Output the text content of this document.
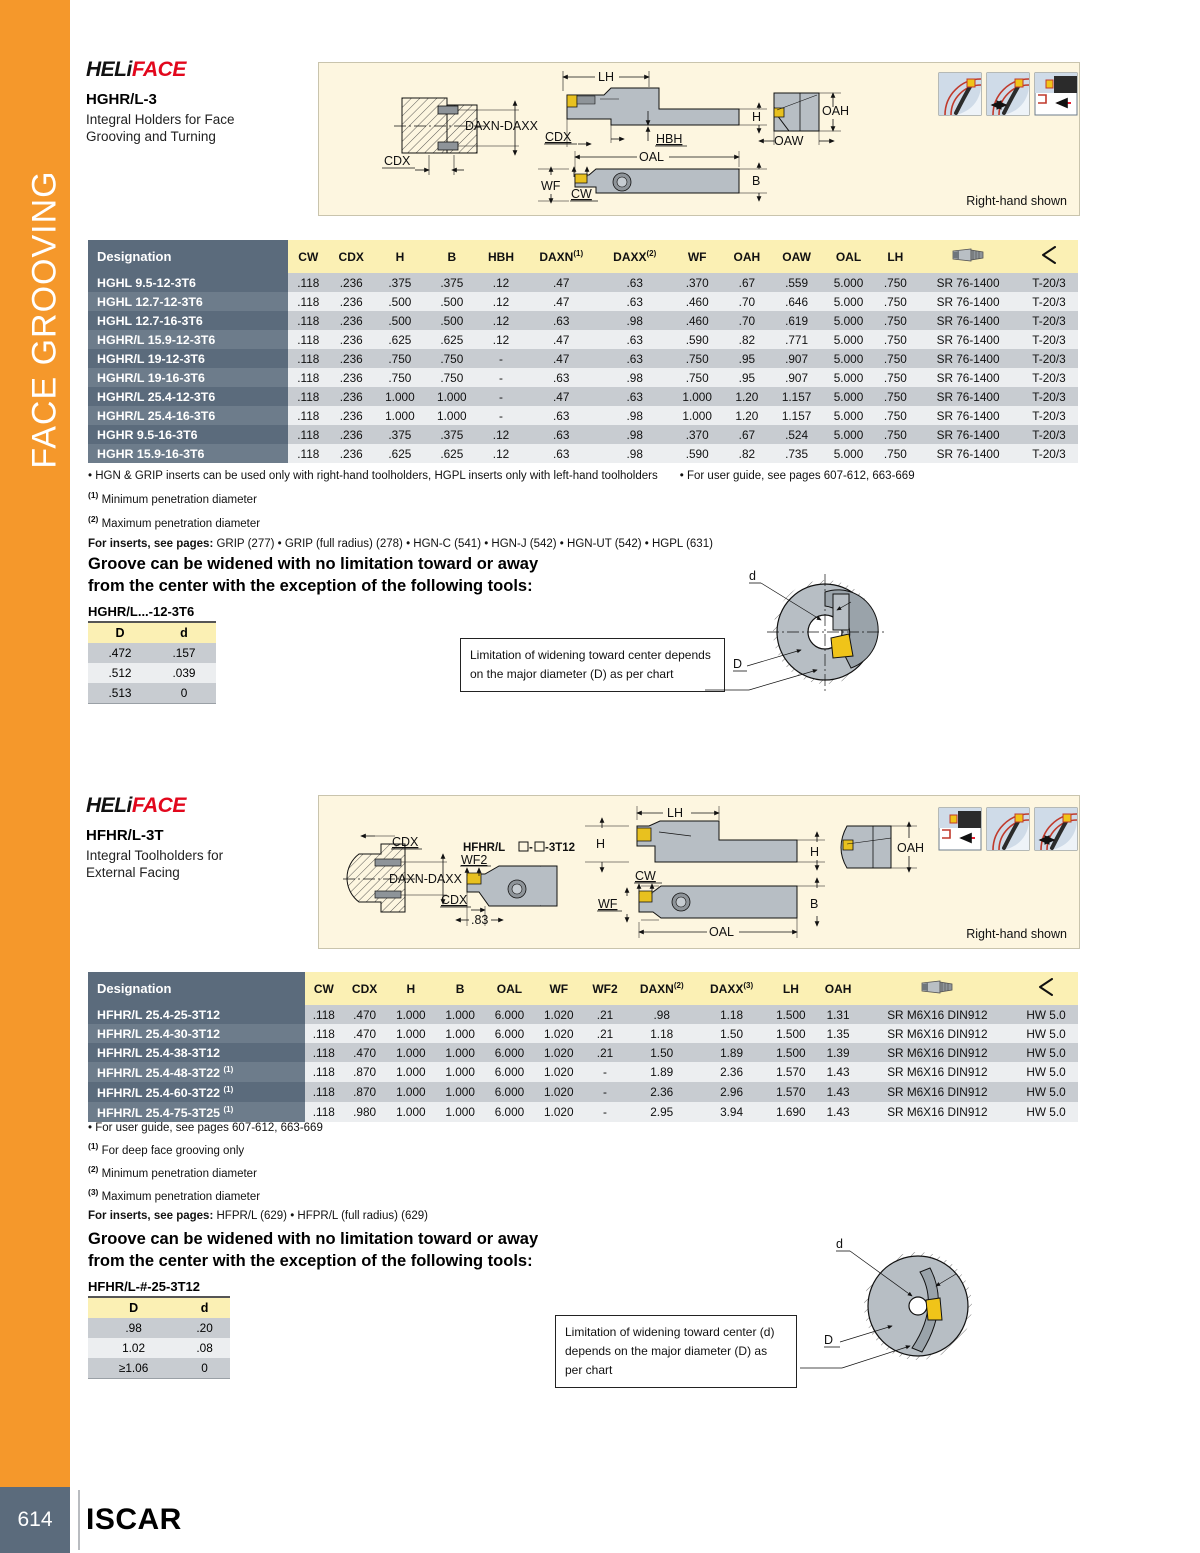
FACE GROOVING
614	ISCAR
HELiFACE
HGHR/L-3
Integral Holders for Face
Grooving and Turning
DAXN-DAXX
CDX
LH
H
CDX	HBH
OAL
WF
CW
B
OAH
OAW
Right-hand shown
Designation	CW	CDX	H	B	HBH	DAXN$^{(1)}$	DAXX$^{(2)}$	WF	OAH	OAW	OAL	LH		
HGHL 9.5-12-3T6	.118	.236	.375	.375	.12	.47	.63	.370	.67	.559	5.000	.750	SR 76-1400	T-20/3
HGHL 12.7-12-3T6	.118	.236	.500	.500	.12	.47	.63	.460	.70	.646	5.000	.750	SR 76-1400	T-20/3
HGHL 12.7-16-3T6	.118	.236	.500	.500	.12	.63	.98	.460	.70	.619	5.000	.750	SR 76-1400	T-20/3
HGHR/L 15.9-12-3T6	.118	.236	.625	.625	.12	.47	.63	.590	.82	.771	5.000	.750	SR 76-1400	T-20/3
HGHR/L 19-12-3T6	.118	.236	.750	.750	-	.47	.63	.750	.95	.907	5.000	.750	SR 76-1400	T-20/3
HGHR/L 19-16-3T6	.118	.236	.750	.750	-	.63	.98	.750	.95	.907	5.000	.750	SR 76-1400	T-20/3
HGHR/L 25.4-12-3T6	.118	.236	1.000	1.000	-	.47	.63	1.000	1.20	1.157	5.000	.750	SR 76-1400	T-20/3
HGHR/L 25.4-16-3T6	.118	.236	1.000	1.000	-	.63	.98	1.000	1.20	1.157	5.000	.750	SR 76-1400	T-20/3
HGHR 9.5-16-3T6	.118	.236	.375	.375	.12	.63	.98	.370	.67	.524	5.000	.750	SR 76-1400	T-20/3
HGHR 15.9-16-3T6	.118	.236	.625	.625	.12	.63	.98	.590	.82	.735	5.000	.750	SR 76-1400	T-20/3
• HGN & GRIP inserts can be used only with right-hand toolholders, HGPL inserts only with left-hand toolholders • For user guide, see pages 607-612, 663-669
$^{(1)}$ Minimum penetration diameter
$^{(2)}$ Maximum penetration diameter
For inserts, see pages: GRIP (277) • GRIP (full radius) (278) • HGN-C (541) • HGN-J (542) • HGN-UT (542) • HGPL (631)
Groove can be widened with no limitation toward or away
from the center with the exception of the following tools:
HGHR/L...-12-3T6
D	d
.472	.157
.512	.039
.513	0
Limitation of widening toward center depends on the major diameter (D) as per chart
d
D
HELiFACE
HFHR/L-3T
Integral Toolholders for
External Facing	DAXN-DAXX
CDX	HFHR/L - -3T12
WF2
CDX
.83
LH
H
H
CW
WF
OAL
B
OAH
Right-hand shown
Designation	CW	CDX	H	B	OAL	WF	WF2	DAXN$^{(2)}$	DAXX$^{(3)}$	LH	OAH		
HFHR/L 25.4-25-3T12	.118	.470	1.000	1.000	6.000	1.020	.21	.98	1.18	1.500	1.31	SR M6X16 DIN912	HW 5.0
HFHR/L 25.4-30-3T12	.118	.470	1.000	1.000	6.000	1.020	.21	1.18	1.50	1.500	1.35	SR M6X16 DIN912	HW 5.0
HFHR/L 25.4-38-3T12	.118	.470	1.000	1.000	6.000	1.020	.21	1.50	1.89	1.500	1.39	SR M6X16 DIN912	HW 5.0
HFHR/L 25.4-48-3T22 $^{(1)}$	.118	.870	1.000	1.000	6.000	1.020	-	1.89	2.36	1.570	1.43	SR M6X16 DIN912	HW 5.0
HFHR/L 25.4-60-3T22 $^{(1)}$	.118	.870	1.000	1.000	6.000	1.020	-	2.36	2.96	1.570	1.43	SR M6X16 DIN912	HW 5.0
HFHR/L 25.4-75-3T25 $^{(1)}$	.118	.980	1.000	1.000	6.000	1.020	-	2.95	3.94	1.690	1.43	SR M6X16 DIN912	HW 5.0
• For user guide, see pages 607-612, 663-669
$^{(1)}$ For deep face grooving only
$^{(2)}$ Minimum penetration diameter
$^{(3)}$ Maximum penetration diameter
For inserts, see pages: HFPR/L (629) • HFPR/L (full radius) (629)
Groove can be widened with no limitation toward or away
from the center with the exception of the following tools:
HFHR/L-#-25-3T12
D	d
.98	.20
1.02	.08
≥1.06	0
Limitation of widening toward center (d) depends on the major diameter (D) as per chart
d
D
